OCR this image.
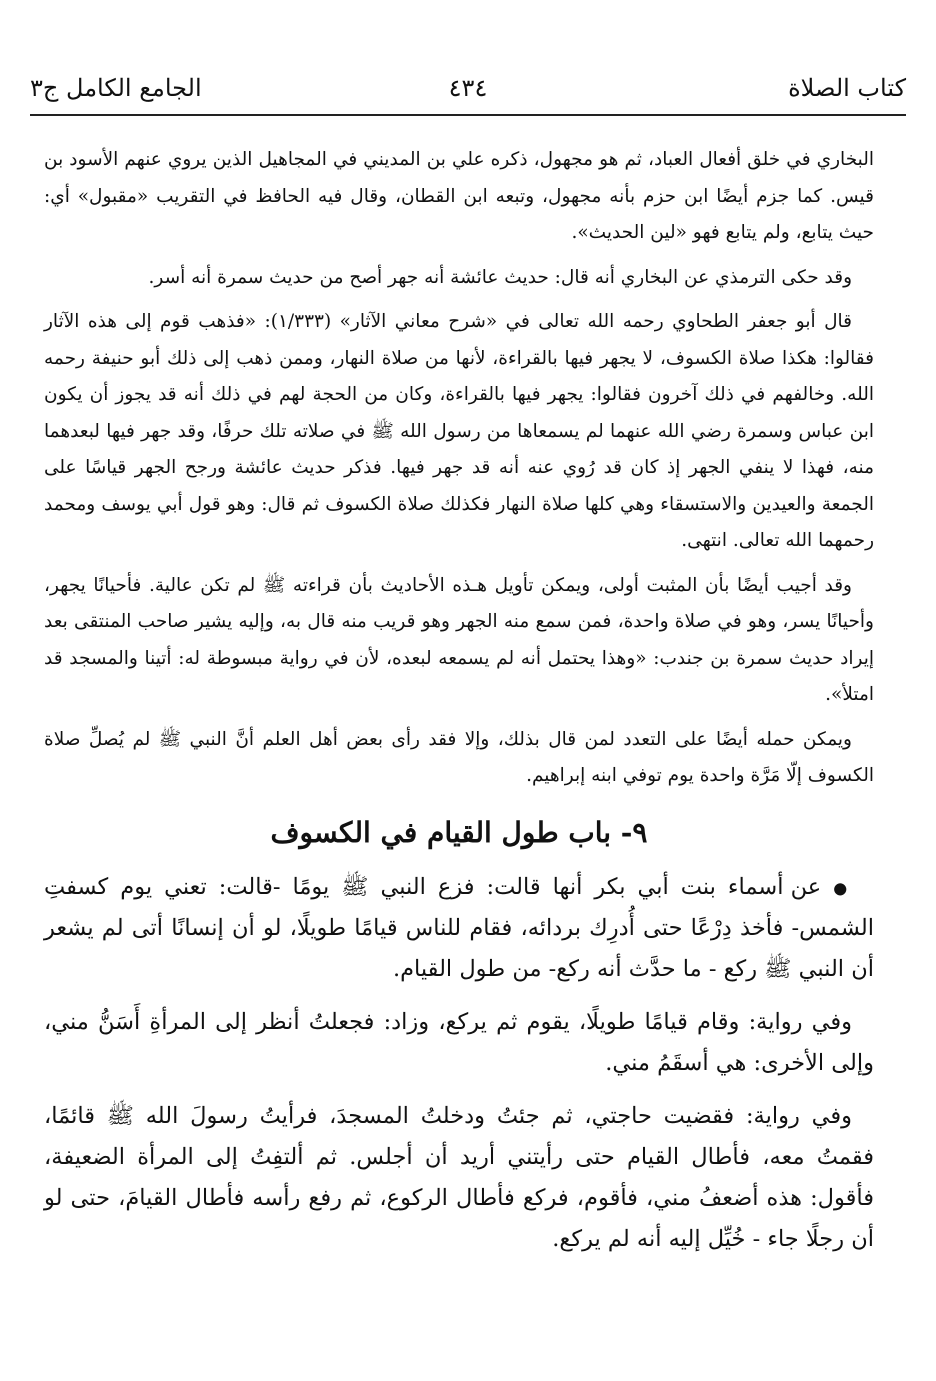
كتاب الصلاة
٤٣٤
الجامع الكامل ج٣

البخاري في خلق أفعال العباد، ثم هو مجهول، ذكره علي بن المديني في المجاهيل الذين يروي عنهم الأسود بن قيس. كما جزم أيضًا ابن حزم بأنه مجهول، وتبعه ابن القطان، وقال فيه الحافظ في التقريب «مقبول» أي: حيث يتابع، ولم يتابع فهو «لين الحديث».

وقد حكى الترمذي عن البخاري أنه قال: حديث عائشة أنه جهر أصح من حديث سمرة أنه أسر.

قال أبو جعفر الطحاوي رحمه الله تعالى في «شرح معاني الآثار» (١/٣٣٣): «فذهب قوم إلى هذه الآثار فقالوا: هكذا صلاة الكسوف، لا يجهر فيها بالقراءة، لأنها من صلاة النهار، وممن ذهب إلى ذلك أبو حنيفة رحمه الله. وخالفهم في ذلك آخرون فقالوا: يجهر فيها بالقراءة، وكان من الحجة لهم في ذلك أنه قد يجوز أن يكون ابن عباس وسمرة رضي الله عنهما لم يسمعاها من رسول الله ﷺ في صلاته تلك حرفًا، وقد جهر فيها لبعدهما منه، فهذا لا ينفي الجهر إذ كان قد رُوي عنه أنه قد جهر فيها. فذكر حديث عائشة ورجح الجهر قياسًا على الجمعة والعيدين والاستسقاء وهي كلها صلاة النهار فكذلك صلاة الكسوف ثم قال: وهو قول أبي يوسف ومحمد رحمهما الله تعالى. انتهى.

وقد أجيب أيضًا بأن المثبت أولى، ويمكن تأويل هـذه الأحاديث بأن قراءته ﷺ لم تكن عالية. فأحيانًا يجهر، وأحيانًا يسر، وهو في صلاة واحدة، فمن سمع منه الجهر وهو قريب منه قال به، وإليه يشير صاحب المنتقى بعد إيراد حديث سمرة بن جندب: «وهذا يحتمل أنه لم يسمعه لبعده، لأن في رواية مبسوطة له: أتينا والمسجد قد امتلأ».

ويمكن حمله أيضًا على التعدد لمن قال بذلك، وإلا فقد رأى بعض أهل العلم أنَّ النبي ﷺ لم يُصلِّ صلاة الكسوف إلّا مَرَّة واحدة يوم توفي ابنه إبراهيم.

٩- باب طول القيام في الكسوف

● عن أسماء بنت أبي بكر أنها قالت: فزع النبي ﷺ يومًا -قالت: تعني يوم كسفتِ الشمس- فأخذ دِرْعًا حتى أُدرِك بردائه، فقام للناس قيامًا طويلًا، لو أن إنسانًا أتى لم يشعر أن النبي ﷺ ركع - ما حدَّث أنه ركع- من طول القيام.

وفي رواية: وقام قيامًا طويلًا، يقوم ثم يركع، وزاد: فجعلتُ أنظر إلى المرأةِ أَسَنُّ مني، وإلى الأخرى: هي أسقَمُ مني.

وفي رواية: فقضيت حاجتي، ثم جئتُ ودخلتُ المسجدَ، فرأيتُ رسولَ الله ﷺ قائمًا، فقمتُ معه، فأطال القيام حتى رأيتني أريد أن أجلس. ثم ألتفِتُ إلى المرأة الضعيفة، فأقول: هذه أضعفُ مني، فأقوم، فركع فأطال الركوع، ثم رفع رأسه فأطال القيامَ، حتى لو أن رجلًا جاء - خُيِّل إليه أنه لم يركع.
